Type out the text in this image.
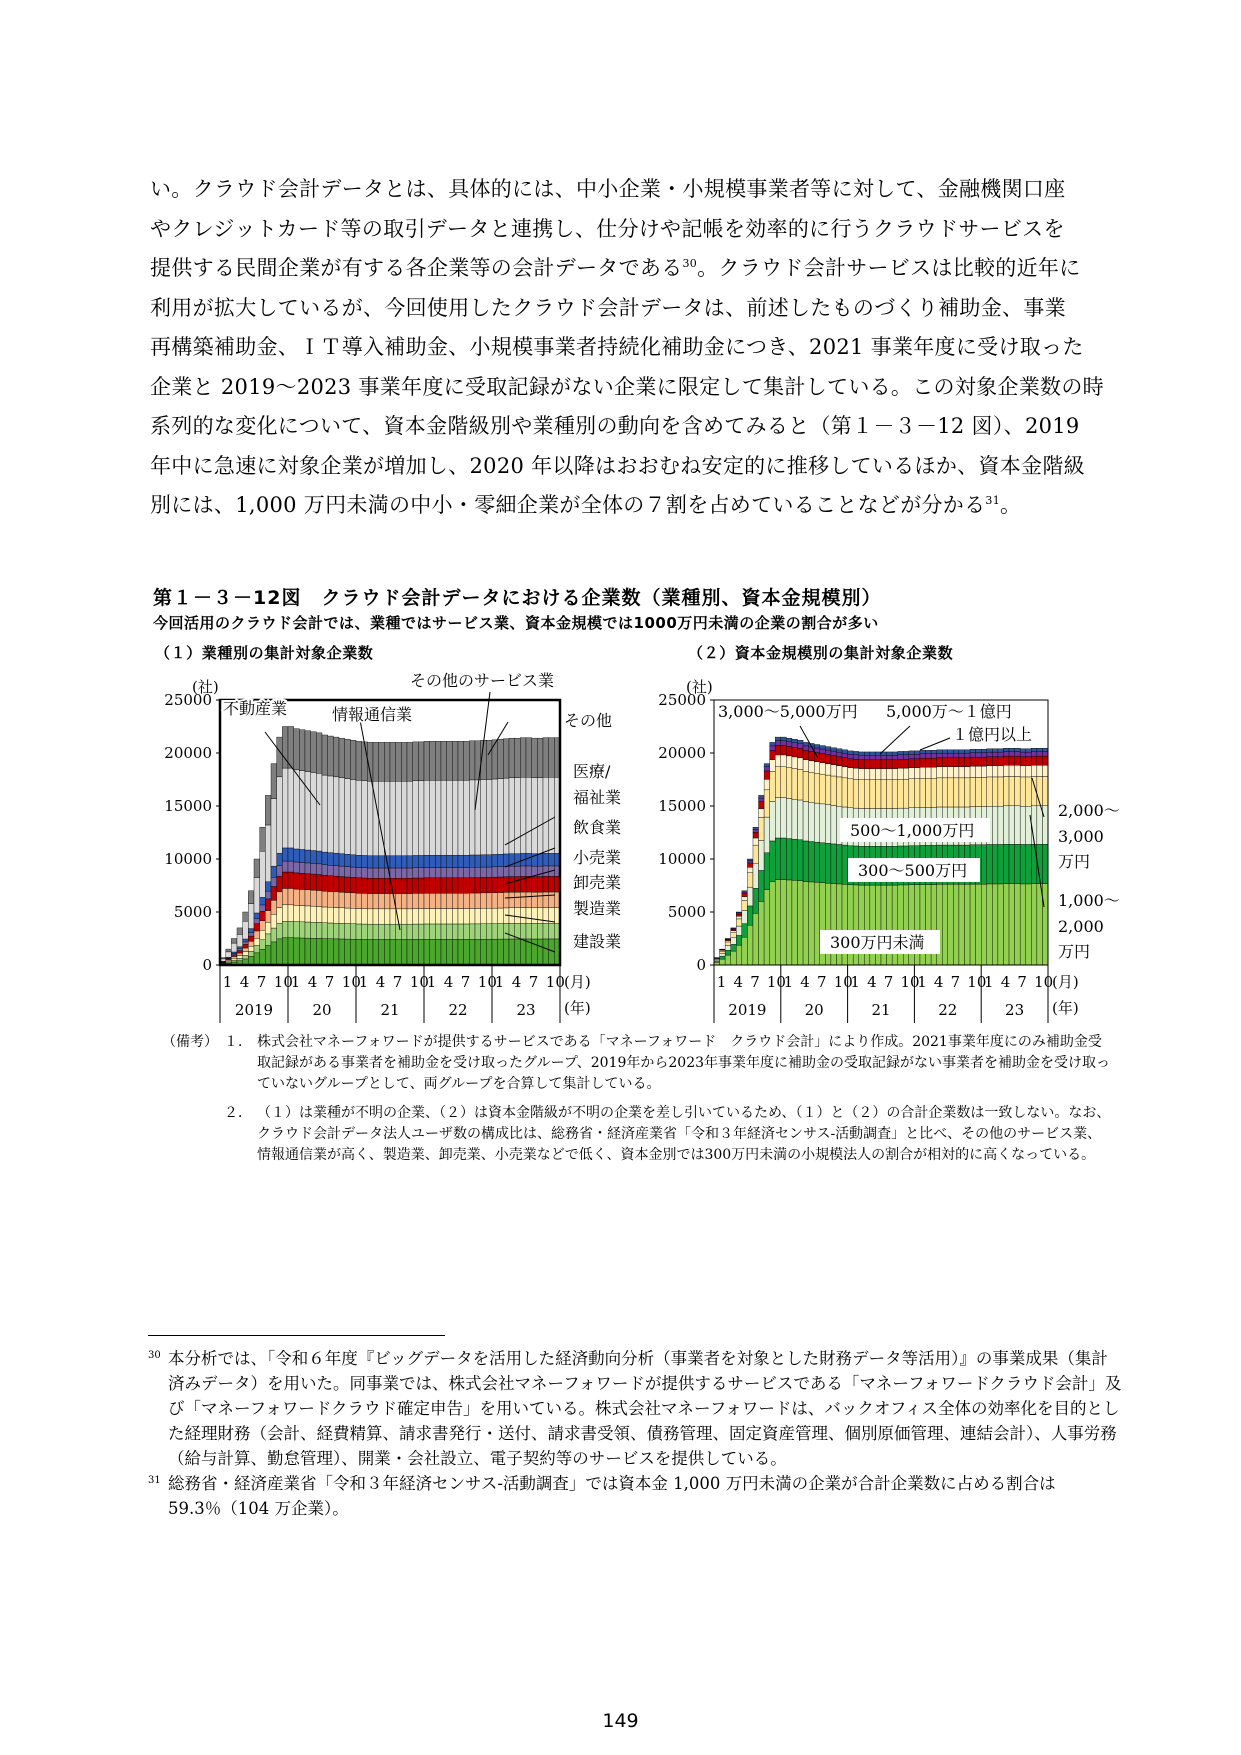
い。クラウド会計データとは、具体的には、中小企業・小規模事業者等に対して、金融機関口座
やクレジットカード等の取引データと連携し、仕分けや記帳を効率的に行うクラウドサービスを
提供する民間企業が有する各企業等の会計データである$^{30}$。クラウド会計サービスは比較的近年に
利用が拡大しているが、今回使用したクラウド会計データは、前述したものづくり補助金、事業
再構築補助金、ＩＴ導入補助金、小規模事業者持続化補助金につき、2021 事業年度に受け取った
企業と 2019～2023 事業年度に受取記録がない企業に限定して集計している。この対象企業数の時
系列的な変化について、資本金階級別や業種別の動向を含めてみると（第１－３－12 図）、2019
年中に急速に対象企業が増加し、2020 年以降はおおむね安定的に推移しているほか、資本金階級
別には、1,000 万円未満の中小・零細企業が全体の７割を占めていることなどが分かる$^{31}$。

第１－３－12図　クラウド会計データにおける企業数（業種別、資本金規模別）

今回活用のクラウド会計では、業種ではサービス業、資本金規模では1000万円未満の企業の割合が多い

（１）業種別の集計対象企業数	（２）資本金規模別の集計対象企業数
0
5000
10000
15000
20000
25000
(社)
1 4 7 10
2019
1 4 7 10
20
1 4 7 10
21
1 4 7 10
22
1 4 7 10
23
(月)
(年)
不動産業	情報通信業
その他のサービス業
その他
医療/
福祉業
飲食業
小売業
卸売業
製造業
建設業
0
5000
10000
15000
20000
25000
(社)
1 4 7 10
2019
1 4 7 10
20
1 4 7 10
21
1 4 7 10
22
1 4 7 10
23
(月)
(年)
3,000～5,000万円 5,000万～１億円
１億円以上
2,000～
3,000
万円
500～1,000万円
300～500万円
1,000～
2,000
万円
300万円未満
（備考） １． 株式会社マネーフォワードが提供するサービスである「マネーフォワード　クラウド会計」により作成。2021事業年度にのみ補助金受取記録がある事業者を補助金を受け取ったグループ、2019年から2023年事業年度に補助金の受取記録がない事業者を補助金を受け取っていないグループとして、両グループを合算して集計している。
２． （１）は業種が不明の企業、（２）は資本金階級が不明の企業を差し引いているため、（１）と（２）の合計企業数は一致しない。なお、クラウド会計データ法人ユーザ数の構成比は、総務省・経済産業省「令和３年経済センサス‐活動調査」と比べ、その他のサービス業、情報通信業が高く、製造業、卸売業、小売業などで低く、資本金別では300万円未満の小規模法人の割合が相対的に高くなっている。
30 本分析では、「令和６年度『ビッグデータを活用した経済動向分析（事業者を対象とした財務データ等活用）』の事業成果（集計済みデータ）を用いた。同事業では、株式会社マネーフォワードが提供するサービスである「マネーフォワードクラウド会計」及び「マネーフォワードクラウド確定申告」を用いている。株式会社マネーフォワードは、バックオフィス全体の効率化を目的とした経理財務（会計、経費精算、請求書発行・送付、請求書受領、債務管理、固定資産管理、個別原価管理、連結会計）、人事労務（給与計算、勤怠管理）、開業・会社設立、電子契約等のサービスを提供している。
31 総務省・経済産業省「令和３年経済センサス‐活動調査」では資本金 1,000 万円未満の企業が合計企業数に占める割合は 59.3％（104 万企業）。
149
